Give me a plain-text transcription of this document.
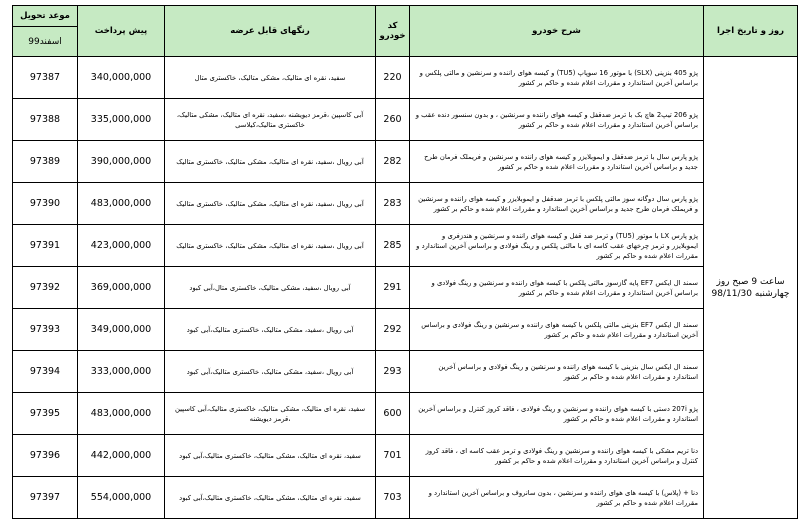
روز و تاریخ اجرا	شرح خودرو	کد خودرو	رنگهای قابل عرضه	پیش پرداخت	موعد تحویل
					اسفند99
ساعت 9 صبح روز چهارشنبه 98/11/30	پژو 405 بنزینی (SLX) با موتور 16 سوپاپ (TU5) و کیسه هوای راننده و سرنشین و مالتی پلکس و براساس آخرین استاندارد و مقررات اعلام شده و حاکم بر کشور	220	سفید، نقره ای متالیک، مشکی متالیک، خاکستری متال	340,000,000	97387
	پژو 206 تیپ2 هاچ بک با ترمز ضدقفل و کیسه هوای راننده و سرنشین ، و بدون سنسور دنده عقب و براساس آخرین استاندارد و مقررات اعلام شده و حاکم بر کشور	260	آبی کاسپین ،قرمز دیویشنه ،سفید، نقره ای متالیک، مشکی متالیک، خاکستری متالیک،کیلاسی	335,000,000	97388
	پژو پارس سال با ترمز ضدقفل و ایموبلایزر و کیسه هوای راننده و سرنشین و فریملک فرمان طرح جدید و براساس آخرین استاندارد و مقررات اعلام شده و حاکم بر کشور	282	آبی رویال ،سفید، نقره ای متالیک، مشکی متالیک، خاکستری متالیک	390,000,000	97389
	پژو پارس سال دوگانه سوز مالتی پلکس با ترمز ضدقفل و ایموبلایزر و کیسه هوای راننده و سرنشین و فریملک فرمان طرح جدید و براساس آخرین استاندارد و مقررات اعلام شده و حاکم بر کشور	283	آبی رویال ،سفید، نقره ای متالیک، مشکی متالیک، خاکستری متالیک	483,000,000	97390
	پژو پارس LX با موتور (TU5) و ترمز ضد قفل و کیسه هوای راننده و سرنشین و هندزفری و ایموبلایزر و ترمز چرخهای عقب کاسه ای با مالتی پلکس و رینگ فولادی و براساس آخرین استاندارد و مقررات اعلام شده و حاکم بر کشور	285	آبی رویال ،سفید، نقره ای متالیک، مشکی متالیک، خاکستری متالیک	423,000,000	97391
	سمند ال ایکس EF7 پایه گازسوز مالتی پلکس با کیسه هوای راننده و سرنشین و رینگ فولادی و براساس آخرین استاندارد و مقررات اعلام شده و حاکم بر کشور	291	آبی رویال ،سفید، مشکی متالیک، خاکستری متال،آبی کبود	369,000,000	97392
	سمند ال ایکس EF7 بنزینی مالتی پلکس با کیسه هوای راننده و سرنشین و رینگ فولادی و براساس آخرین استاندارد و مقررات اعلام شده و حاکم بر کشور	292	آبی رویال ،سفید، مشکی متالیک، خاکستری متالیک،آبی کبود	349,000,000	97393
	سمند ال ایکس سال بنزینی با کیسه هوای راننده و سرنشین و رینگ فولادی و براساس آخرین استاندارد و مقررات اعلام شده و حاکم بر کشور	293	آبی رویال ،سفید، مشکی متالیک، خاکستری متالیک،آبی کبود	333,000,000	97394
	پژو 207i دستی با کیسه هوای راننده و سرنشین و رینگ فولادی ، فاقد کروز کنترل و براساس آخرین استاندارد و مقررات اعلام شده و حاکم بر کشور	600	سفید، نقره ای متالیک، مشکی متالیک، خاکستری متالیک،آبی کاسپین ،قرمز دیویشنه	483,000,000	97395
	دنا تریم مشکی با کیسه هوای راننده و سرنشین و رینگ فولادی و ترمز عقب کاسه ای ، فاقد کروز کنترل و براساس آخرین استاندارد و مقررات اعلام شده و حاکم بر کشور	701	سفید، نقره ای متالیک، مشکی متالیک، خاکستری متالیک،آبی کبود	442,000,000	97396
	دنا + (پلاس) با کیسه های هوای راننده و سرنشین ، بدون سانروف و براساس آخرین استاندارد و مقررات اعلام شده و حاکم بر کشور	703	سفید، نقره ای متالیک، مشکی متالیک، خاکستری متالیک،آبی کبود	554,000,000	97397
